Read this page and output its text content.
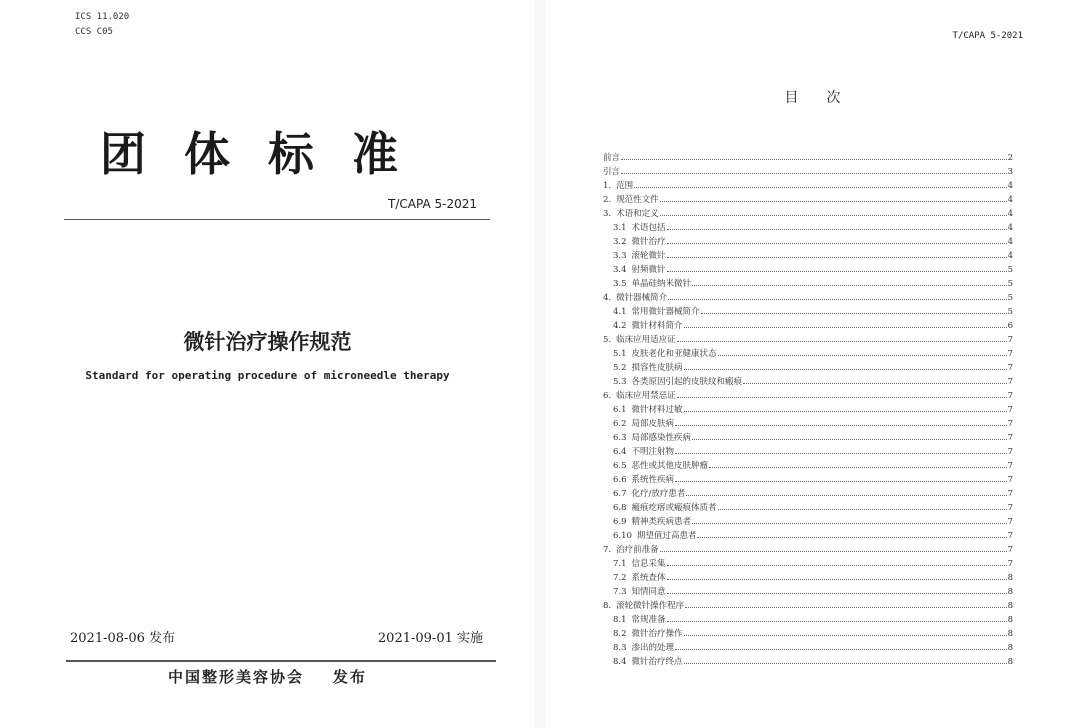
ICS 11.020
CCS C05
团体标准
T/CAPA 5-2021
微针治疗操作规范
Standard for operating procedure of microneedle therapy
2021-08-06 发布	2021-09-01 实施
中国整形美容协会    发布
T/CAPA 5-2021
目次
前言	2
引言	3
1. 范围	4
2. 规范性文件	4
3. 术语和定义	4
3.1 术语包括	4
3.2 微针治疗	4
3.3 滚轮微针	4
3.4 射频微针	5
3.5 单晶硅纳米微针	5
4. 微针器械简介	5
4.1 常用微针器械简介	5
4.2 微针材料简介	6
5. 临床应用适应证	7
5.1 皮肤老化和亚健康状态	7
5.2 损容性皮肤病	7
5.3 各类原因引起的皮肤纹和瘢痕	7
6. 临床应用禁忌证	7
6.1 微针材料过敏	7
6.2 局部皮肤病	7
6.3 局部感染性疾病	7
6.4 不明注射物	7
6.5 恶性或其他皮肤肿瘤	7
6.6 系统性疾病	7
6.7 化疗/放疗患者	7
6.8 瘢痕疙瘩或瘢痕体质者	7
6.9 精神类疾病患者	7
6.10 期望值过高患者	7
7. 治疗前准备	7
7.1 信息采集	7
7.2 系统查体	8
7.3 知情同意	8
8. 滚轮微针操作程序	8
8.1 常规准备	8
8.2 微针治疗操作	8
8.3 渗出的处理	8
8.4 微针治疗终点	8
